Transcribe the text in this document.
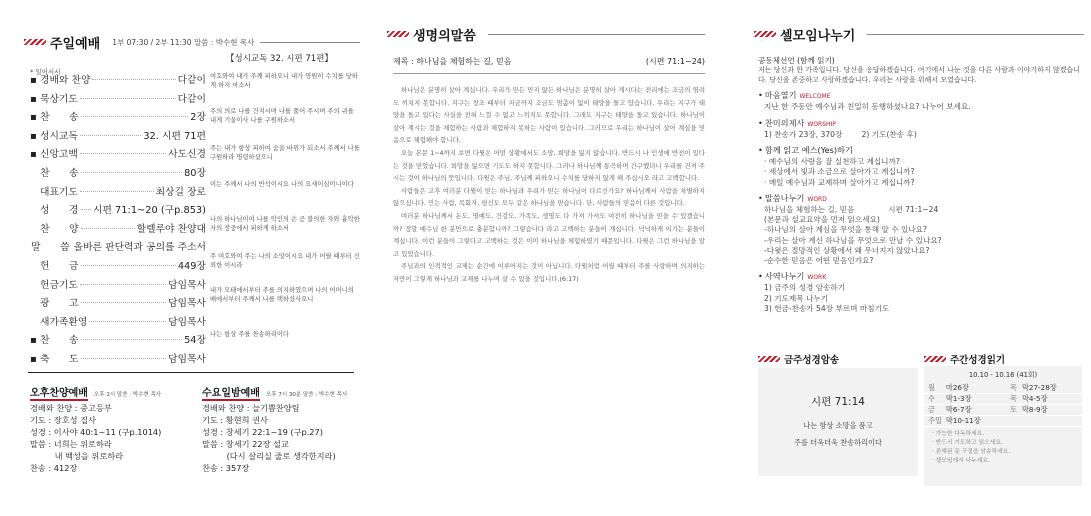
주일예배 1부 07:30 / 2부 11:30 말씀 : 박수현 목사
【성시교독 32. 시편 71편】
* 일어서서
▪ 경배와 찬양	다같이
▪ 묵상기도	다같이
▪ 찬　　송	2장
▪ 성시교독	32. 시편 71편
▪ 신앙고백	사도신경
찬　　송	80장
대표기도	최상길 장로
성　　경 시편 71:1~20 (구p.853)
찬　　양	할렐루야 찬양대
말　　씀 올바른 판단력과 공의를 주소서
헌　　금	449장
헌금기도	담임목사
광　　고	담임목사
새가족환영	담임목사
▪ 찬　　송	54장
▪ 축　　도	담임목사
여호와여 내가 주께 피하오니 내가 영원히 수치를 당하게 하지 마소서
주의 의로 나를 건지시며 나를 풀어 주시며 주의 귀를 내게 기울이사 나를 구원하소서
주는 내가 항상 피하여 숨을 바위가 되소서 주께서 나를 구원하라 명령하셨으니
이는 주께서 나의 반석이시요 나의 요새이심이니이다
나의 하나님이여 나를 악인의 손 곧 불의한 자와 흉악한 자의 장중에서 피하게 하소서
주 여호와여 주는 나의 소망이시요 내가 어릴 때부터 신뢰한 이시라
내가 모태에서부터 주를 의지하였으며 나의 어머니의 배에서부터 주께서 나를 택하셨사오니
나는 항상 주를 찬송하리이다
오후찬양예배 오후 2시 말씀 : 박수현 목사
경배와 찬양 : 중고등부
기도 : 장호성 집사
성경 : 이사야 40:1~11 (구p.1014)
말씀 : 너희는 위로하라

내 백성을 위로하라
찬송 : 412장
수요일밤예배 오후 7시 30분 말씀 : 박수현 목사
경배와 찬양 : 늘기쁨찬양팀
기도 : 황현희 권사
성경 : 창세기 22:1~19 (구p.27)
말씀 : 창세기 22장 설교

(다시 살리실 줄로 생각한지라)
찬송 : 357장
생명의말씀
제목 : 하나님을 체험하는 길, 믿음	(시편 71:1~24)

하나님은 분명히 살아 계십니다. 우리가 믿든 믿지 않든 하나님은 분명히 살아 계시다는 전리에는 조금의 염려도 끼치지 못합니다. 지구는 창조 때부터 지금까지 조금도 멈춤이 없이 태양을 돌고 있습니다. 우리는 지구가 태양을 돌고 있다는 사실을 전혀 느낄 수 없고 느끼지도 못합니다. 그래도 지구는 태양을 돌고 있습니다. 하나님이 살아 계시는 것을 체험하는 사람과 체험하지 못하는 사람이 있습니다. 그러므로 우리는 하나님이 살아 계심을 믿음으로 체험해야 합니다.

오늘 본문 1~4까지 보면 다윗은 어떤 상황에서도 소망, 희망을 잃지 않습니다. 반드시 나 인생에 반전이 있다는 것을 믿었습니다. 희망을 잃으면 기도도 하지 못합니다. 그러나 하나님께 통곡하며 간구했더니 우리를 건져 주시는 것이 하나님의 뜻입니다. 다윗은 주님, 주님께 피하오니 수치를 당하지 않게 해 주십시오 라고 고백합니다.

사람들은 고후 여러분 다윗이 믿는 하나님과 우리가 믿는 하나님이 다르신가요? 하나님께서 사람을 차별하지 않으십니다. 민는 사람, 목회자, 평신도 모두 같은 하나님을 믿습니다. 단, 사람들의 믿음이 다른 것입니다.

여러분 하나님께서 돈도, 명예도, 건강도, 가족도, 생명도 다 가져 가셔도 여전히 하나님을 믿을 수 있겠습니까? 정말 예수님 한 분만으로 충분합니까? 그렇습니다 라고 고백하는 분들이 계십니다. 넉넉하게 이기는 분들이 계십니다. 이런 분들이 그렇다고 고백하는 것은 이미 하나님을 체험하였기 때문입니다. 다윗은 그런 하나님을 알고 있었습니다.

주님과의 인격적인 교제는 순간에 이루어지는 것이 아닙니다. 다윗처럼 어릴 때부터 주를 사랑하며 의지하는 자만이 그렇게 하나님과 교제를 나누며 살 수 있을 것입니다.(6:17)

셀모임나누기
공동체선언 (함께 읽기)
저는 당신과 한 가족입니다. 당신을 응답하겠습니다. 여기에서 나눈 것을 다른 사람과 이야기하지 않겠습니다. 당신을 존중하고 사랑하겠습니다. 우리는 사랑을 위해서 모였습니다.
• 마음열기 WELCOME
지난 한 주동안 예수님과 친밀히 동행하셨나요? 나누어 보세요.
• 찬미의제사 WORSHIP
1) 찬송가 23장, 370장        2) 기도(찬송 후)
• 함께 읽고 예스(Yes)하기
· 예수님의 사랑을 잘 실천하고 계십니까?
· 세상에서 빛과 소금으로 살아가고 계십니까?
· 매일 예수님과 교제하며 살아가고 계십니까?
• 말씀나누기 WORD
하나님을 체험하는 길, 믿음              시편 71:1~24
(본문과 설교요약을 먼저 읽으세요)
-하나님의 살아 계심을 무엇을 통해 알 수 있나요?
-우리는 살아 계신 하나님을 무엇으로 만날 수 있나요?
-다윗은 절망적인 상황에서 왜 무너지지 않았나요?
-순수한 믿음은 어떤 믿음인가요?
• 사역나누기 WORK
1) 금주의 성경 암송하기
2) 기도제목 나누기
3) 헌금-찬송가 54장 부르며 마침기도
금주성경암송
시편 71:14
나는 항상 소망을 품고
주를 더욱더욱 찬송하리이다
주간성경읽기
10.10 - 10.16 (41회)
월	마26장	목	막27-28장
수	막1-3장	목	막4-5장
금	막6-7장	토	막8-9장
주일	막10-11장		
· 가능한 다독하세요.
· 반드시 기도하고 읽으세요.
· 존해된 문 구절을 암송하세요.
· 셀모임에서 나누세요.
